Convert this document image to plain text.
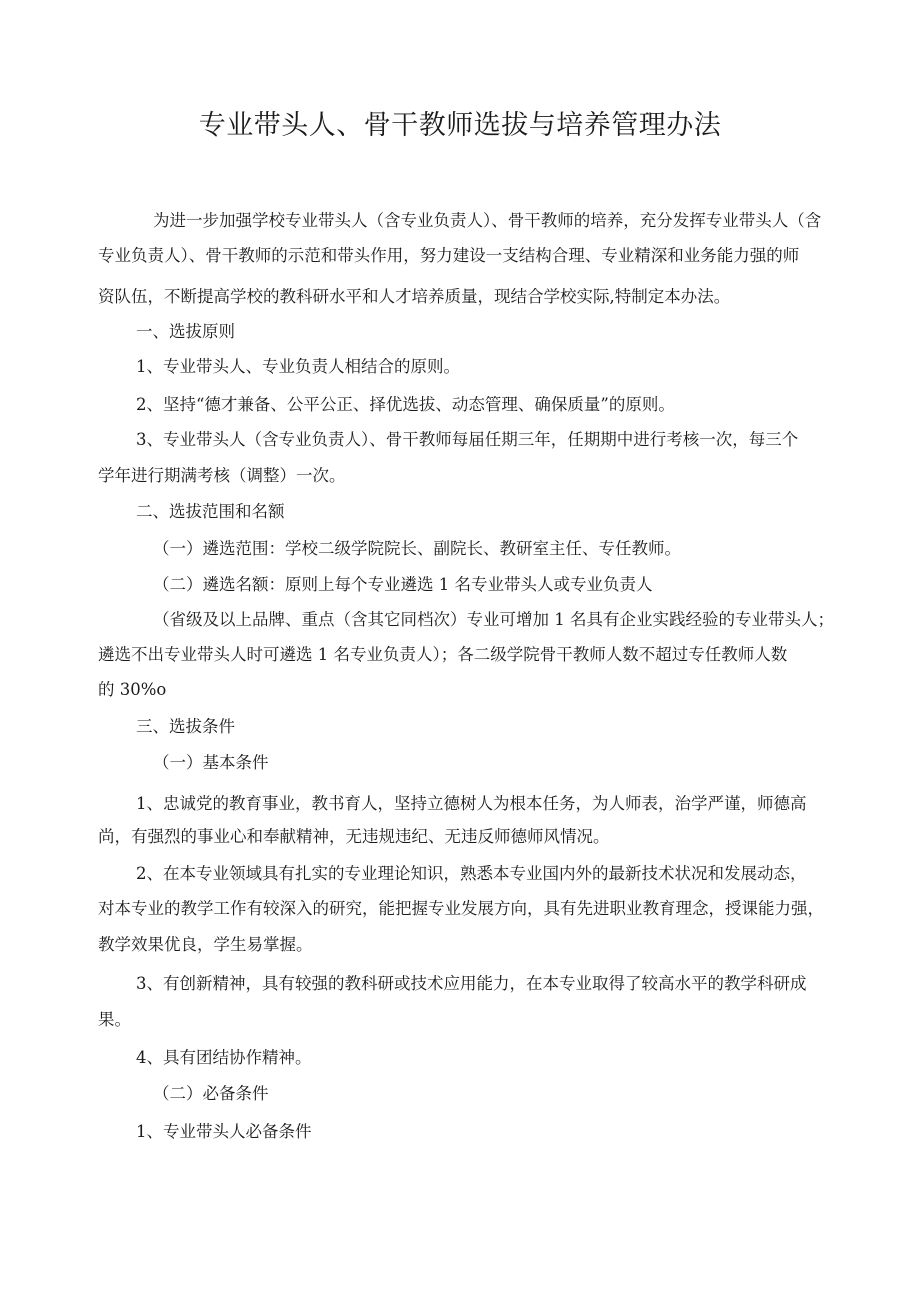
专业带头人、骨干教师选拔与培养管理办法
为进一步加强学校专业带头人（含专业负责人）、骨干教师的培养，充分发挥专业带头人（含
专业负责人）、骨干教师的示范和带头作用，努力建设一支结构合理、专业精深和业务能力强的师
资队伍，不断提高学校的教科研水平和人才培养质量，现结合学校实际,特制定本办法。
一、选拔原则
1、专业带头人、专业负责人相结合的原则。
2、坚持“德才兼备、公平公正、择优选拔、动态管理、确保质量”的原则。
3、专业带头人（含专业负责人）、骨干教师每届任期三年，任期期中进行考核一次，每三个
学年进行期满考核（调整）一次。
二、选拔范围和名额
（一）遴选范围：学校二级学院院长、副院长、教研室主任、专任教师。
（二）遴选名额：原则上每个专业遴选 1 名专业带头人或专业负责人
（省级及以上品牌、重点（含其它同档次）专业可增加 1 名具有企业实践经验的专业带头人；
遴选不出专业带头人时可遴选 1 名专业负责人）；各二级学院骨干教师人数不超过专任教师人数
的 30%o
三、选拔条件
（一）基本条件
1、忠诚党的教育事业，教书育人，坚持立德树人为根本任务，为人师表，治学严谨，师德高
尚，有强烈的事业心和奉献精神，无违规违纪、无违反师德师风情况。
2、在本专业领域具有扎实的专业理论知识，熟悉本专业国内外的最新技术状况和发展动态，
对本专业的教学工作有较深入的研究，能把握专业发展方向，具有先进职业教育理念，授课能力强，
教学效果优良，学生易掌握。
3、有创新精神，具有较强的教科研或技术应用能力，在本专业取得了较高水平的教学科研成
果。
4、具有团结协作精神。
（二）必备条件
1、专业带头人必备条件
